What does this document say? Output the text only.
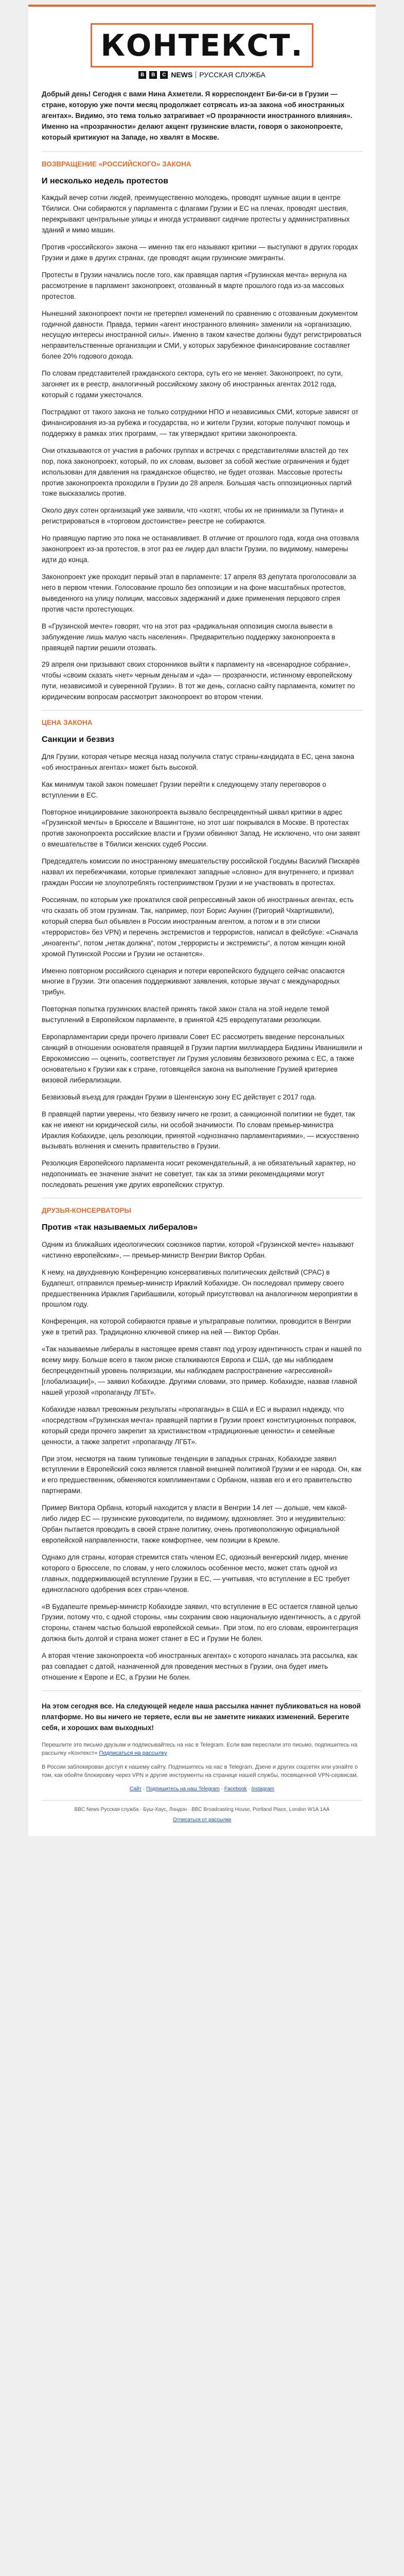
КОНТЕКСТ.
B	B	C NEWS РУССКАЯ СЛУЖБА

Добрый день! Сегодня с вами Нина Ахметели. Я корреспондент Би-би-си в Грузии — стране, которую уже почти месяц продолжает сотрясать из-за закона «об иностранных агентах». Видимо, это тема только затрагивает «О прозрачности иностранного влияния». Именно на «прозрачности» делают акцент грузинские власти, говоря о законопроекте, который критикуют на Западе, но хвалят в Москве.

ВОЗВРАЩЕНИЕ «РОССИЙСКОГО» ЗАКОНА
И несколько недель протестов

Каждый вечер сотни людей, преимущественно молодежь, проводят шумные акции в центре Тбилиси. Они собираются у парламента с флагами Грузии и ЕС на плечах, проводят шествия, перекрывают центральные улицы и иногда устраивают сидячие протесты у административных зданий и мимо машин.

Против «российского» закона — именно так его называют критики — выступают в других городах Грузии и даже в других странах, где проводят акции грузинские эмигранты.

Протесты в Грузии начались после того, как правящая партия «Грузинская мечта» вернула на рассмотрение в парламент законопроект, отозванный в марте прошлого года из-за массовых протестов.

Нынешний законопроект почти не претерпел изменений по сравнению с отозванным документом годичной давности. Правда, термин «агент иностранного влияния» заменили на «организацию, несущую интересы иностранной силы». Именно в таком качестве должны будут регистрироваться неправительственные организации и СМИ, у которых зарубежное финансирование составляет более 20% годового дохода.

По словам представителей гражданского сектора, суть его не меняет. Законопроект, по сути, загоняет их в реестр, аналогичный российскому закону об иностранных агентах 2012 года, который с годами ужесточался.

Пострадают от такого закона не только сотрудники НПО и независимых СМИ, которые зависят от финансирования из-за рубежа и государства, но и жители Грузии, которые получают помощь и поддержку в рамках этих программ, — так утверждают критики законопроекта.

Они отказываются от участия в рабочих группах и встречах с представителями властей до тех пор, пока законопроект, который, по их словам, вызовет за собой жесткие ограничения и будет использован для давления на гражданское общество, не будет отозван. Массовые протесты против законопроекта проходили в Грузии до 28 апреля. Большая часть оппозиционных партий тоже высказались против.

Около двух сотен организаций уже заявили, что «хотят, чтобы их не принимали за Путина» и регистрироваться в «торговом достоинстве» реестре не собираются.

Но правящую партию это пока не останавливает. В отличие от прошлого года, когда она отозвала законопроект из-за протестов, в этот раз ее лидер дал власти Грузии, по видимому, намерены идти до конца.

Законопроект уже проходит первый этап в парламенте: 17 апреля 83 депутата проголосовали за него в первом чтении. Голосование прошло без оппозиции и на фоне масштабных протестов, выведенного на улицу полиции, массовых задержаний и даже применения перцового спрея против части протестующих.

В «Грузинской мечте» говорят, что на этот раз «радикальная оппозиция смогла вывести в заблуждение лишь малую часть населения». Предварительно поддержку законопроекта в правящей партии решили отозвать.

29 апреля они призывают своих сторонников выйти к парламенту на «всенародное собрание», чтобы «своим сказать «нет» черным деньгам и «да» — прозрачности, истинному европейскому пути, независимой и суверенной Грузии». В тот же день, согласно сайту парламента, комитет по юридическим вопросам рассмотрит законопроект во втором чтении.

ЦЕНА ЗАКОНА
Санкции и безвиз

Для Грузии, которая четыре месяца назад получила статус страны-кандидата в ЕС, цена закона «об иностранных агентах» может быть высокой.

Как минимум такой закон помешает Грузии перейти к следующему этапу переговоров о вступлении в ЕС.

Повторное инициирование законопроекта вызвало беспрецедентный шквал критики в адрес «Грузинской мечты» в Брюсселе и Вашингтоне, но этот шаг покрывался в Москве. В протестах против законопроекта российские власти и Грузии обвиняют Запад. Не исключено, что они заявят о вмешательстве в Тбилиси женских судеб России.

Председатель комиссии по иностранному вмешательству российской Госдумы Василий Пискарёв назвал их перебежчиками, которые привлекают западные «словно» для внутреннего, и призвал граждан России не злоупотреблять гостеприимством Грузии и не участвовать в протестах.

Россиянам, по которым уже прокатился свой репрессивный закон об иностранных агентах, есть что сказать об этом грузинам. Так, например, поэт Борис Акунин (Григорий Чхартишвили), который сперва был объявлен в России иностранным агентом, а потом и в эти списки «террористов» без VPN) и перечень экстремистов и террористов, написал в фейсбуке: «Сначала „иноагенты“, потом „нетак должна“, потом „террористы и экстремисты“, а потом женщин юной хромой Путинской России и Грузии не останется».

Именно повторном российского сценария и потери европейского будущего сейчас опасаются многие в Грузии. Эти опасения поддерживают заявления, которые звучат с международных трибун.

Повторная попытка грузинских властей принять такой закон стала на этой неделе темой выступлений в Европейском парламенте, в принятой 425 евродепутатами резолюции.

Европарламентарии среди прочего призвали Совет ЕС рассмотреть введение персональных санкций в отношении основателя правящей в Грузии партии миллиардера Бидзины Иванишвили и Еврокомиссию — оценить, соответствует ли Грузия условиям безвизового режима с ЕС, а также основательно к Грузии как к стране, готовящейся закона на выполнение Грузией критериев визовой либерализации.

Безвизовый въезд для граждан Грузии в Шенгенскую зону ЕС действует с 2017 года.

В правящей партии уверены, что безвизу ничего не грозит, а санкционной политики не будет, так как не имеют ни юридической силы, ни особой значимости. По словам премьер-министра Ираклия Кобахидзе, цель резолюции, принятой «однозначно парламентариями», — искусственно вызывать волнения и сменить правительство в Грузии.

Резолюция Европейского парламента носит рекомендательный, а не обязательный характер, но недопонимать ее значение значит не советует, так как за этими рекомендациями могут последовать решения уже других европейских структур.

ДРУЗЬЯ-КОНСЕРВАТОРЫ
Против «так называемых либералов»

Одним из ближайших идеологических союзников партии, которой «Грузинской мечте» называют «истинно европейским», — премьер-министр Венгрии Виктор Орбан.

К нему, на двухдневную Конференцию консервативных политических действий (CPAC) в Будапешт, отправился премьер-министр Ираклий Кобахидзе. Он последовал примеру своего предшественника Ираклия Гарибашвили, который присутствовал на аналогичном мероприятии в прошлом году.

Конференция, на которой собираются правые и ультраправые политики, проводится в Венгрии уже в третий раз. Традиционно ключевой спикер на ней — Виктор Орбан.

«Так называемые либералы в настоящее время ставят под угрозу идентичность стран и нашей по всему миру. Больше всего в таком риске сталкиваются Европа и США, где мы наблюдаем беспрецедентный уровень поляризации, мы наблюдаем распространение «агрессивной» [глобализации]», — заявил Кобахидзе. Другими словами, это пример. Кобахидзе, назвав главной нашей угрозой «пропаганду ЛГБТ».

Кобахидзе назвал тревожным результаты «пропаганды» в США и ЕС и выразил надежду, что «посредством «Грузинская мечта» правящей партии в Грузии проект конституционных поправок, который среди прочего закрепит за христианством «традиционные ценности» и семейные ценности, а также запретит «пропаганду ЛГБТ».

При этом, несмотря на таким тупиковые тенденции в западных странах, Кобахидзе заявил вступлении в Европейский союз является главной внешней политикой Грузии и ее народа. Он, как и его предшественник, обменяются комплиментами с Орбаном, назвав его и его правительство партнерами.

Пример Виктора Орбана, который находится у власти в Венгрии 14 лет — дольше, чем какой-либо лидер ЕС — грузинские руководители, по видимому, вдохновляет. Это и неудивительно: Орбан пытается проводить в своей стране политику, очень противоположную официальной европейской направленности, также комфортнее, чем позиции в Кремле.

Однако для страны, которая стремится стать членом ЕС, одиозный венгерский лидер, мнение которого о Брюсселе, по словам, у него сложилось особенное место, может стать одной из главных, поддерживающей вступление Грузии в ЕС, — учитывая, что вступление в ЕС требует единогласного одобрения всех стран-членов.

«В Будапеште премьер-министр Кобахидзе заявил, что вступление в ЕС остается главной целью Грузии, потому что, с одной стороны, «мы сохраним свою национальную идентичность, а с другой стороны, станем частью большой европейской семьи». При этом, по его словам, евроинтеграция должна быть долгой и страна может станет в ЕС и Грузии Не болен.

А вторая чтение законопроекта «об иностранных агентах» с которого началась эта рассылка, как раз совпадает с датой, назначенной для проведения местных в Грузии, она будет иметь отношение к Европе и ЕС, а Грузии Не болен.

На этом сегодня все. На следующей неделе наша рассылка начнет публиковаться на новой платформе. Но вы ничего не теряете, если вы не заметите никаких изменений. Берегите себя, и хороших вам выходных!

Перешлите это письмо друзьям и подписывайтесь на нас в Telegram. Если вам переслали это письмо, подпишитесь на рассылку «Контекст» Подписаться на рассылку

В России заблокирован доступ к нашему сайту. Подпишитесь на нас в Telegram, Дзене и других соцсетях или узнайте о том, как обойти блокировку через VPN и другие инструменты на странице нашей службы, посвященной VPN-сервисам.

Сайт · Подпишитесь на наш Telegram · Facebook · Instagram
BBC News Русская служба · Буш-Хаус, Лондон · BBC Broadcasting House, Portland Place, London W1A 1AA
Отписаться от рассылки
